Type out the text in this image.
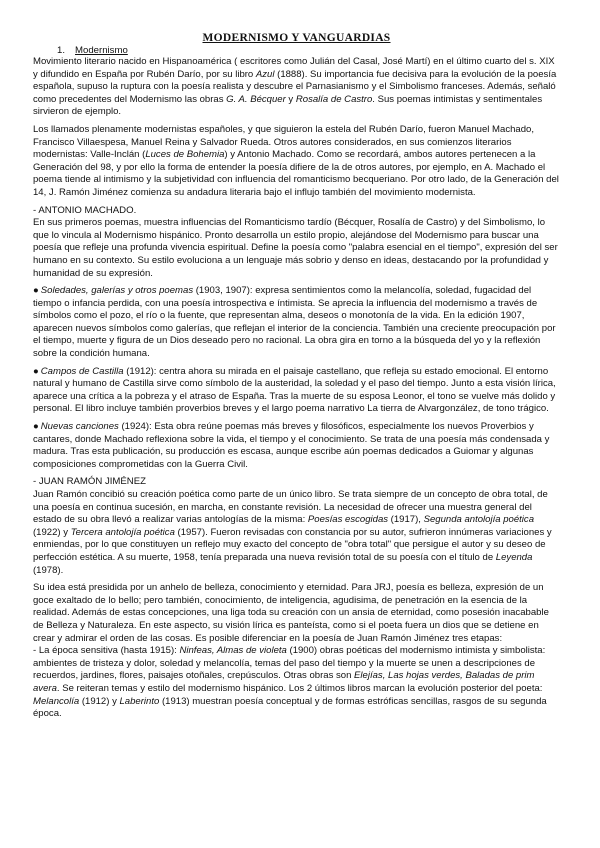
MODERNISMO Y VANGUARDIAS
1. Modernismo

Movimiento literario nacido en Hispanoamérica ( escritores como Julián del Casal, José Martí) en el último cuarto del s. XIX y difundido en España por Rubén Darío, por su libro Azul (1888). Su importancia fue decisiva para la evolución de la poesía española, supuso la ruptura con la poesía realista y descubre el Parnasianismo y el Simbolismo franceses. Además, señaló como precedentes del Modernismo las obras G. A. Bécquer y Rosalía de Castro. Sus poemas intimistas y sentimentales sirvieron de ejemplo.

Los llamados plenamente modernistas españoles, y que siguieron la estela del Rubén Darío, fueron Manuel Machado, Francisco Villaespesa, Manuel Reina y Salvador Rueda. Otros autores considerados, en sus comienzos literarios modernistas: Valle-Inclán (Luces de Bohemia) y Antonio Machado. Como se recordará, ambos autores pertenecen a la Generación del 98, y por ello la forma de entender la poesía difiere de la de otros autores, por ejemplo, en A. Machado el poema tiende al intimismo y la subjetividad con influencia del romanticismo becqueriano. Por otro lado, de la Generación del 14, J. Ramón Jiménez comienza su andadura literaria bajo el influjo también del movimiento modernista.

- ANTONIO MACHADO.

En sus primeros poemas, muestra influencias del Romanticismo tardío (Bécquer, Rosalía de Castro) y del Simbolismo, lo que lo vincula al Modernismo hispánico. Pronto desarrolla un estilo propio, alejándose del Modernismo para buscar una poesía que refleje una profunda vivencia espiritual. Define la poesía como "palabra esencial en el tiempo", expresión del ser humano en su contexto. Su estilo evoluciona a un lenguaje más sobrio y denso en ideas, destacando por la profundidad y humanidad de su expresión.

● Soledades, galerías y otros poemas (1903, 1907): expresa sentimientos como la melancolía, soledad, fugacidad del tiempo o infancia perdida, con una poesía introspectiva e íntimista. Se aprecia la influencia del modernismo a través de símbolos como el pozo, el río o la fuente, que representan alma, deseos o monotonía de la vida. En la edición 1907, aparecen nuevos símbolos como galerías, que reflejan el interior de la conciencia. También una creciente preocupación por el tiempo, muerte y figura de un Dios deseado pero no racional. La obra gira en torno a la búsqueda del yo y la reflexión sobre la condición humana.

● Campos de Castilla (1912): centra ahora su mirada en el paisaje castellano, que refleja su estado emocional. El entorno natural y humano de Castilla sirve como símbolo de la austeridad, la soledad y el paso del tiempo. Junto a esta visión lírica, aparece una crítica a la pobreza y el atraso de España. Tras la muerte de su esposa Leonor, el tono se vuelve más dolido y personal. El libro incluye también proverbios breves y el largo poema narrativo La tierra de Alvargonzález, de tono trágico.

● Nuevas canciones (1924): Esta obra reúne poemas más breves y filosóficos, especialmente los nuevos Proverbios y cantares, donde Machado reflexiona sobre la vida, el tiempo y el conocimiento. Se trata de una poesía más condensada y madura. Tras esta publicación, su producción es escasa, aunque escribe aún poemas dedicados a Guiomar y algunas composiciones comprometidas con la Guerra Civil.

- JUAN RAMÓN JIMÉNEZ

Juan Ramón concibió su creación poética como parte de un único libro. Se trata siempre de un concepto de obra total, de una poesía en continua sucesión, en marcha, en constante revisión. La necesidad de ofrecer una muestra general del estado de su obra llevó a realizar varias antologías de la misma: Poesías escogidas (1917), Segunda antolojía poética (1922) y Tercera antolojía poética (1957). Fueron revisadas con constancia por su autor, sufrieron innúmeras variaciones y enmiendas, por lo que constituyen un reflejo muy exacto del concepto de "obra total" que persigue el autor y su deseo de perfección estética. A su muerte, 1958, tenía preparada una nueva revisión total de su poesía con el título de Leyenda (1978).

Su idea está presidida por un anhelo de belleza, conocimiento y eternidad. Para JRJ, poesía es belleza, expresión de un goce exaltado de lo bello; pero también, conocimiento, de inteligencia, agudisima, de penetración en la esencia de la realidad. Además de estas concepciones, una liga toda su creación con un ansia de eternidad, como posesión inacabable de Belleza y Naturaleza. En este aspecto, su visión lírica es panteísta, como si el poeta fuera un dios que se detiene en crear y admirar el orden de las cosas. Es posible diferenciar en la poesía de Juan Ramón Jiménez tres etapas:
- La época sensitiva (hasta 1915): Ninfeas, Almas de violeta (1900) obras poéticas del modernismo intimista y simbolista: ambientes de tristeza y dolor, soledad y melancolía, temas del paso del tiempo y la muerte se unen a descripciones de recuerdos, jardines, flores, paisajes otoñales, crepúsculos. Otras obras son Elejías, Las hojas verdes, Baladas de prim avera. Se reiteran temas y estilo del modernismo hispánico. Los 2 últimos libros marcan la evolución posterior del poeta: Melancolía (1912) y Laberinto (1913) muestran poesía conceptual y de formas estróficas sencillas, rasgos de su segunda época.
